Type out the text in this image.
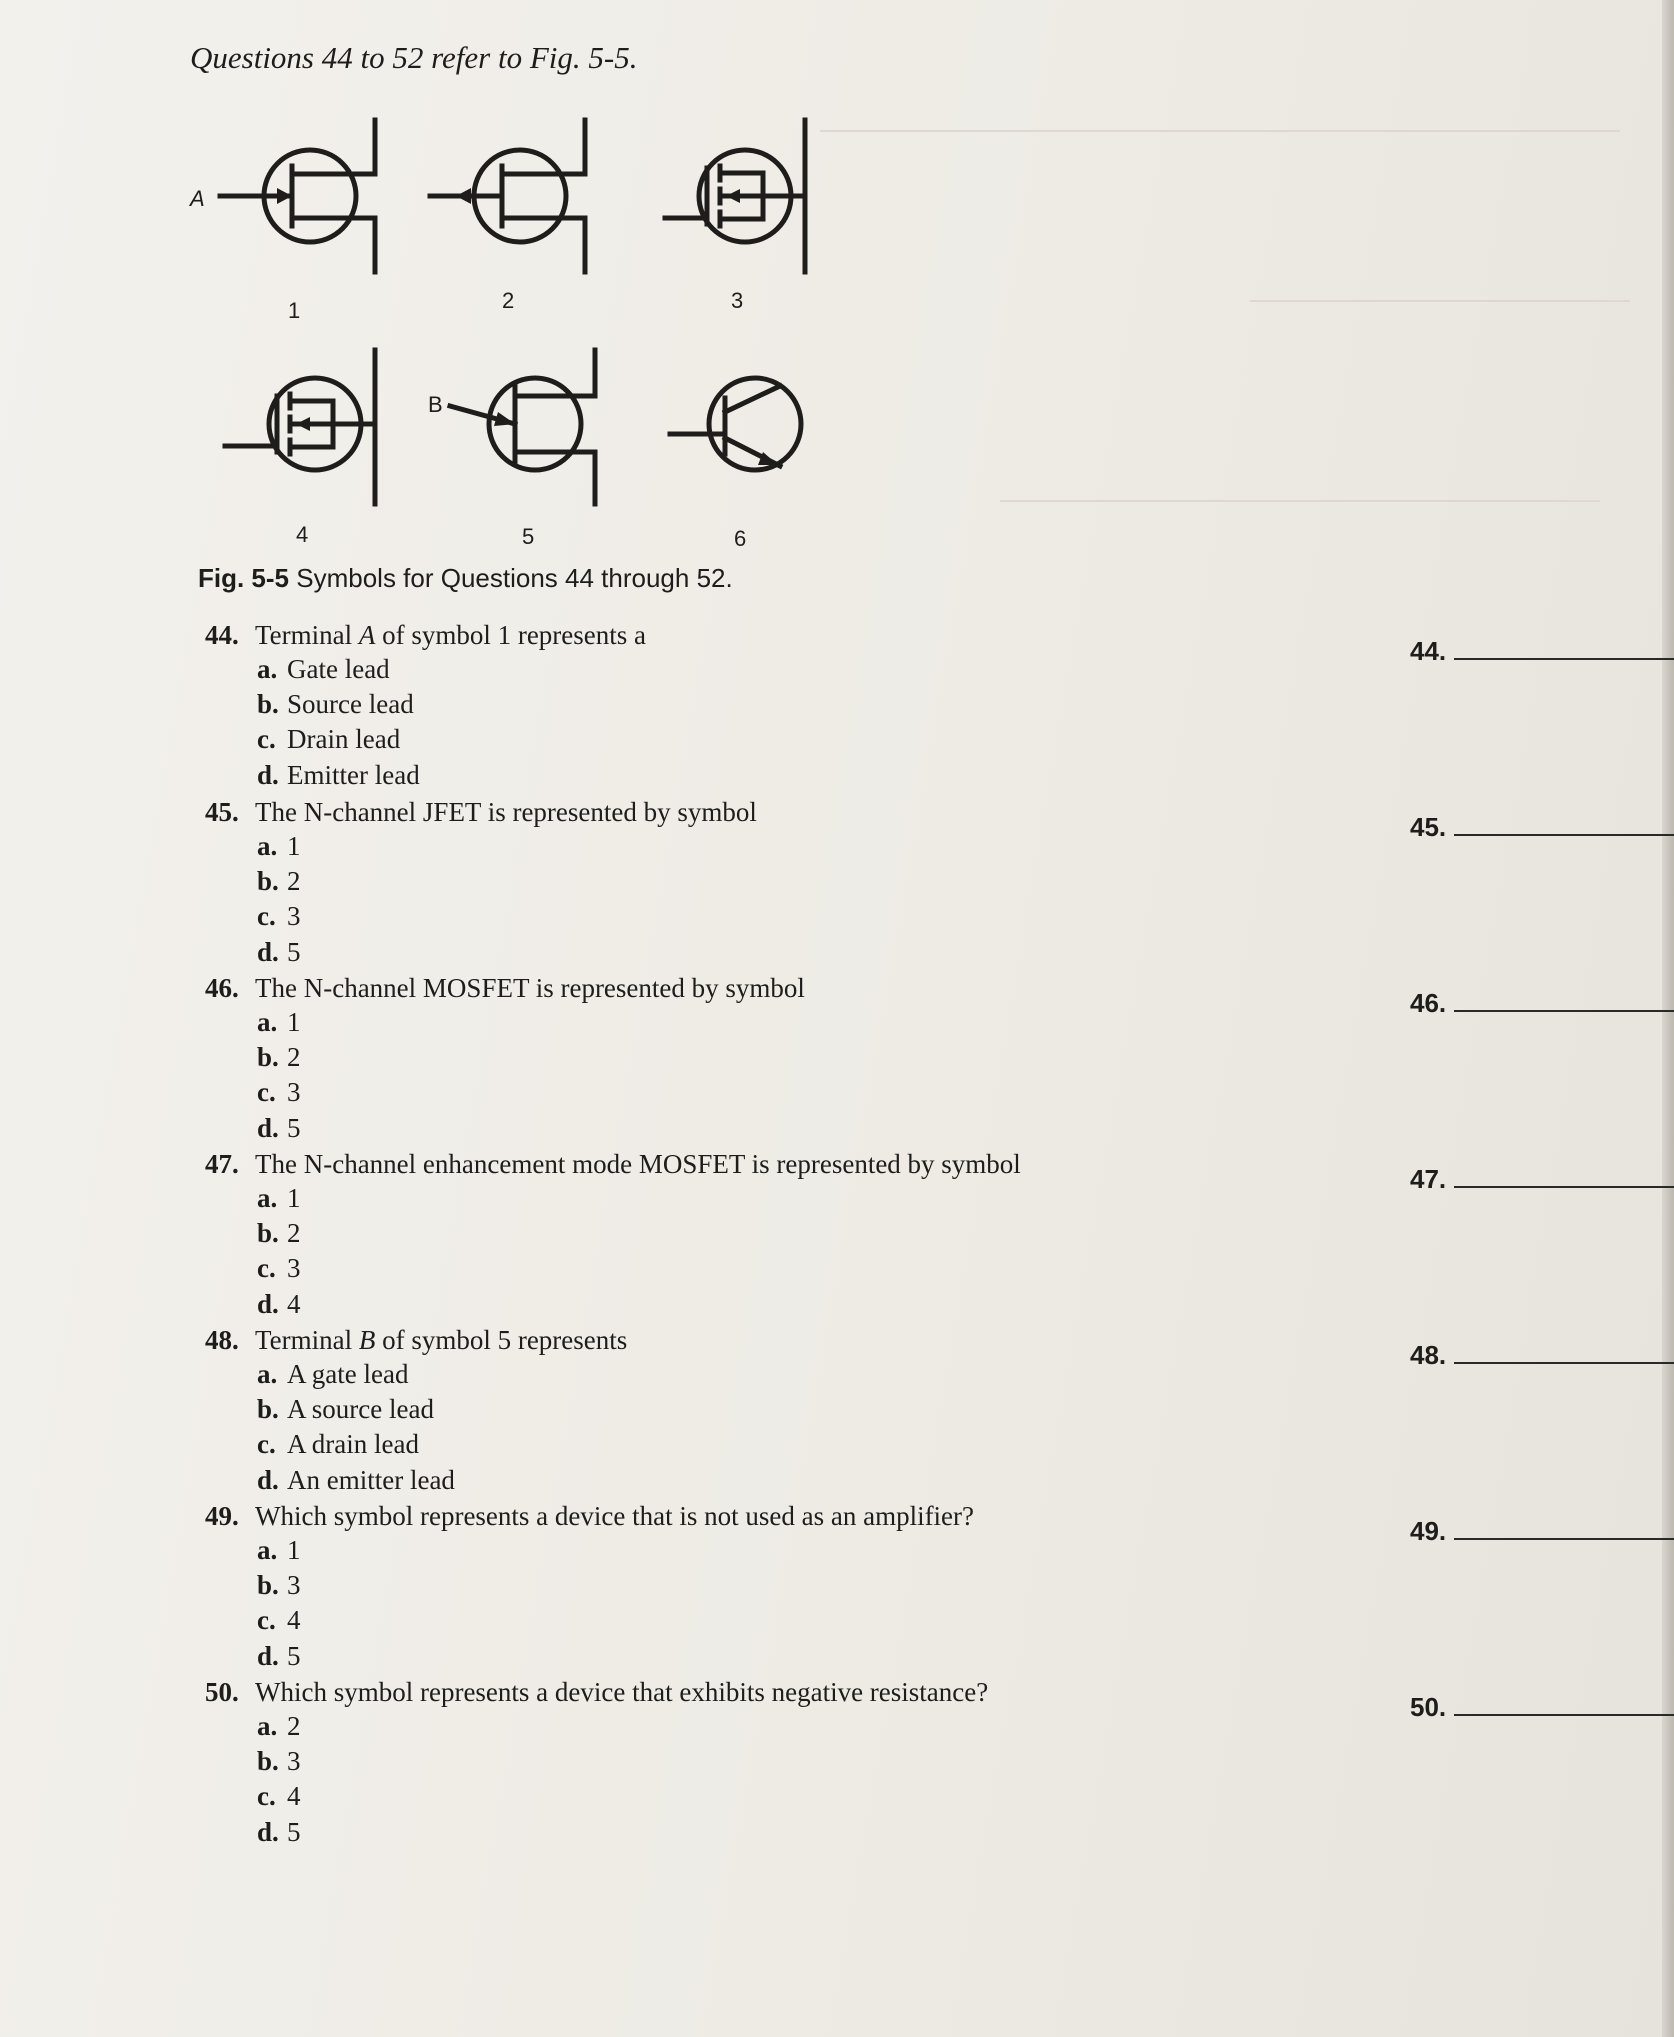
Questions 44 to 52 refer to Fig. 5-5.
A
1	2	3
B
4	5	6
Fig. 5-5 Symbols for Questions 44 through 52.
44. Terminal A of symbol 1 represents a
a. Gate lead
b. Source lead
c. Drain lead
d. Emitter lead
44.
45. The N-channel JFET is represented by symbol
a. 1
b. 2
c. 3
d. 5
45.
46. The N-channel MOSFET is represented by symbol
a. 1
b. 2
c. 3
d. 5
46.
47. The N-channel enhancement mode MOSFET is represented by symbol
a. 1
b. 2
c. 3
d. 4
47.
48. Terminal B of symbol 5 represents
a. A gate lead
b. A source lead
c. A drain lead
d. An emitter lead
48.
49. Which symbol represents a device that is not used as an amplifier?
a. 1
b. 3
c. 4
d. 5
49.
50. Which symbol represents a device that exhibits negative resistance?
a. 2
b. 3
c. 4
d. 5
50.
